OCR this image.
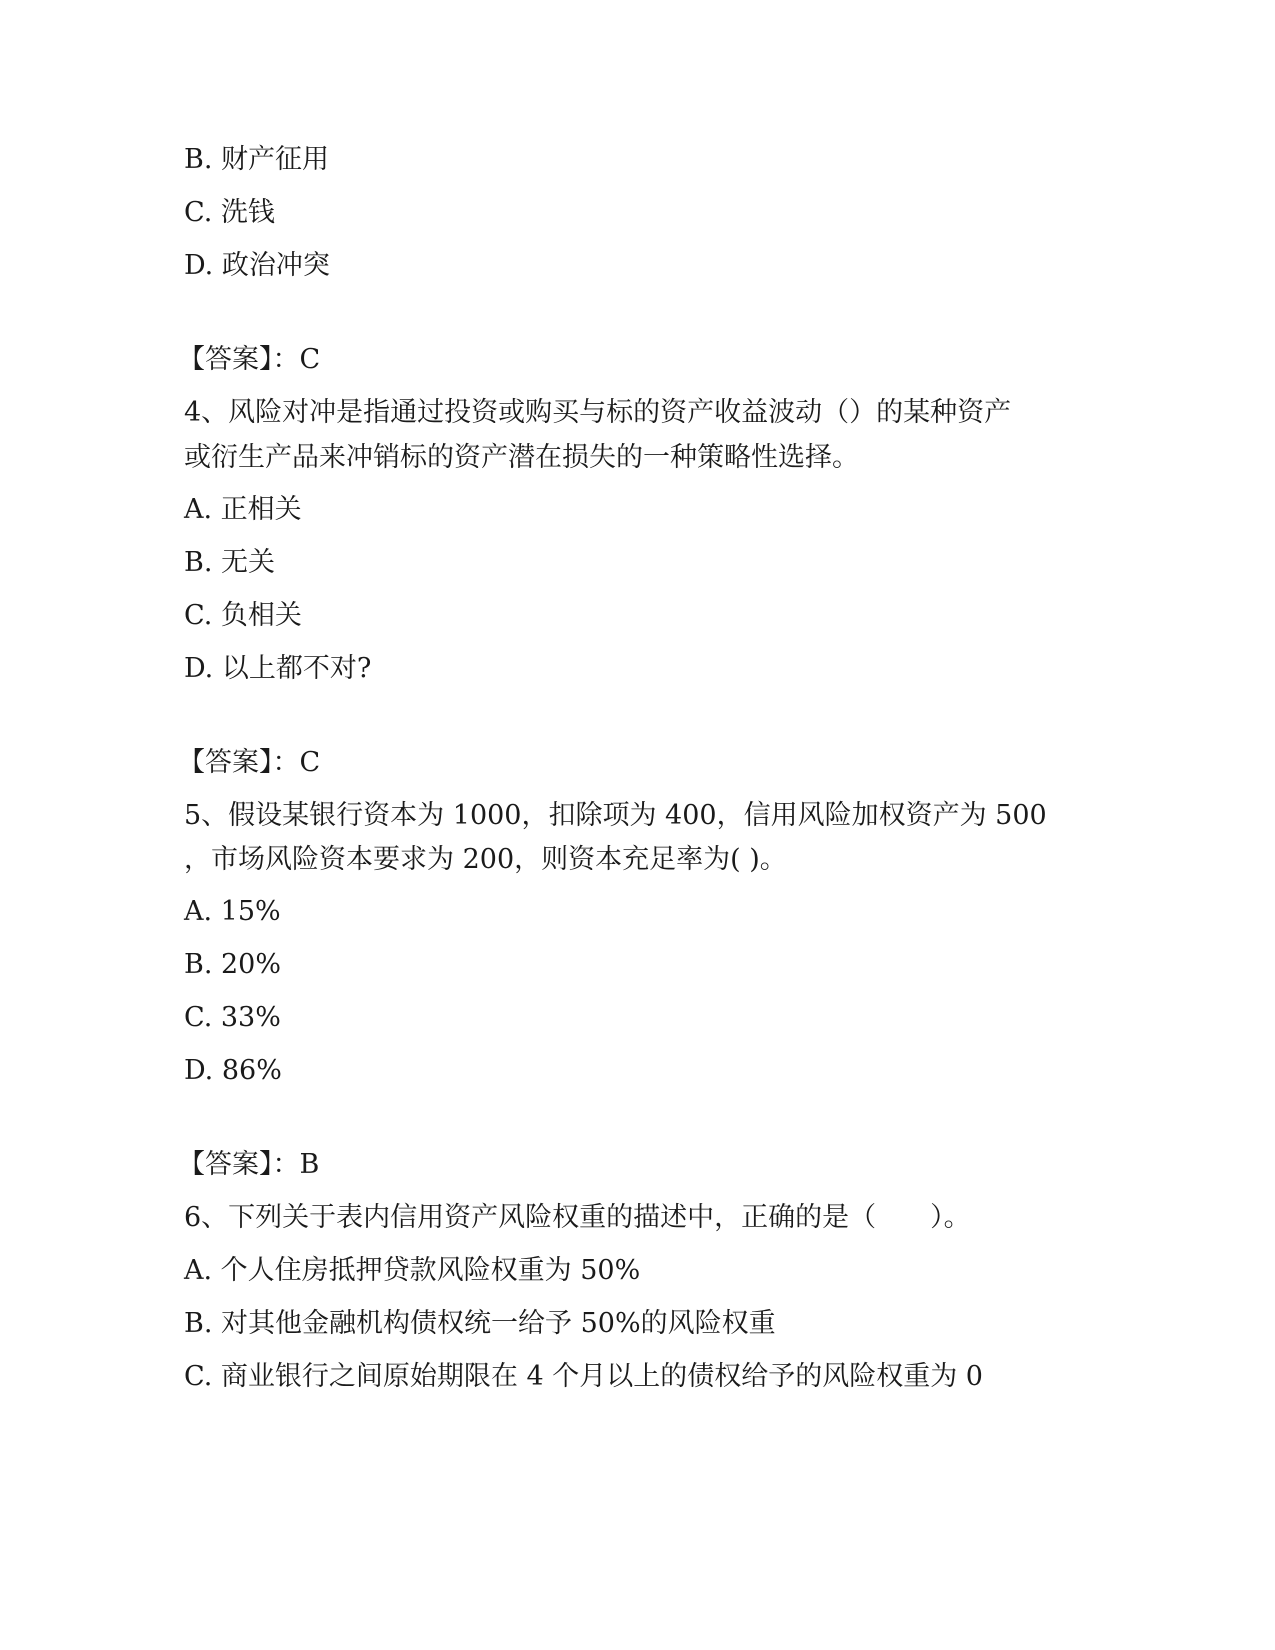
B. 财产征用
C. 洗钱
D. 政治冲突
【答案】：C
4、风险对冲是指通过投资或购买与标的资产收益波动（）的某种资产
或衍生产品来冲销标的资产潜在损失的一种策略性选择。
A. 正相关
B. 无关
C. 负相关
D. 以上都不对?
【答案】：C
5、假设某银行资本为 1000，扣除项为 400，信用风险加权资产为 500
，市场风险资本要求为 200，则资本充足率为( )。
A. 15%
B. 20%
C. 33%
D. 86%
【答案】：B
6、下列关于表内信用资产风险权重的描述中，正确的是（　　）。
A. 个人住房抵押贷款风险权重为 50%
B. 对其他金融机构债权统一给予 50%的风险权重
C. 商业银行之间原始期限在 4 个月以上的债权给予的风险权重为 0
